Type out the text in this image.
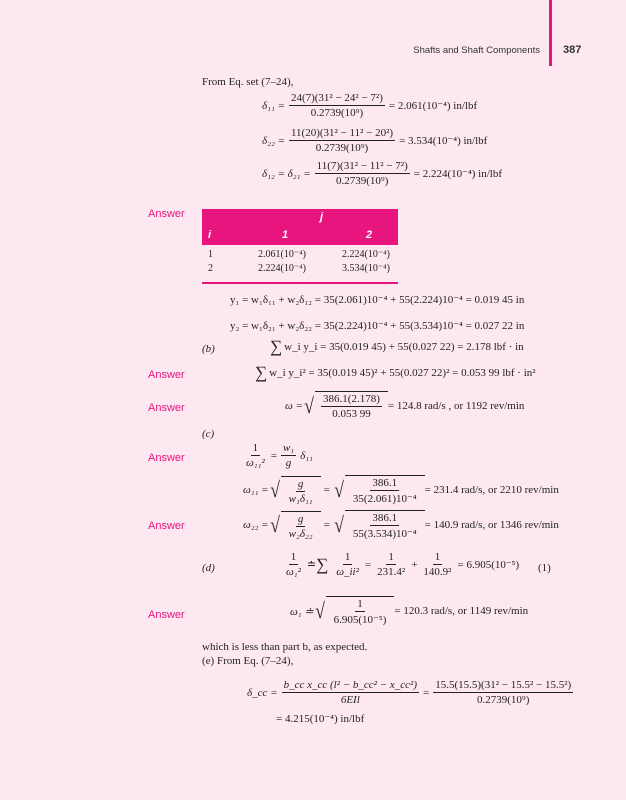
Shafts and Shaft Components 387
From Eq. set (7–24),
$\delta_{11} = \frac{\text{24(7)(31² − 24² − 7²)}}{\text{0.2739(10⁹)}} = 2.061(10^{-4})$ in/lbf
$\delta_{22} = \frac{\text{11(20)(31² − 11² − 20²)}}{\text{0.2739(10⁹)}} = 3.534(10^{-4})$ in/lbf
$\delta_{12} = \delta_{21} = \frac{\text{11(7)(31² − 11² − 7²)}}{\text{0.2739(10⁹)}} = 2.224(10^{-4})$ in/lbf
Answer	j
i	1	2
1	2.061(10⁻⁴)	2.224(10⁻⁴)
2	2.224(10⁻⁴)	3.534(10⁻⁴)
y₁ = w₁δ₁₁ + w₂δ₁₂ = 35(2.061)10⁻⁴ + 55(2.224)10⁻⁴ = 0.019 45 in
y₂ = w₁δ₂₁ + w₂δ₂₂ = 35(2.224)10⁻⁴ + 55(3.534)10⁻⁴ = 0.027 22 in
(b)	∑ w_i y_i = 35(0.019 45) + 55(0.027 22) = 2.178 lbf · in
Answer	∑ w_i y_i² = 35(0.019 45)² + 55(0.027 22)² = 0.053 99 lbf · in²
Answer	ω = √ $\frac{386.1(2.178)}{0.053 99} = 124.8$ rad/s , or 1192 rev/min
(c)
Answer	$\frac{1}{\text{ω₁₁²}} = \frac{\text{w₁}}{g} \delta_{11}$
ω₁₁ = √ $\frac{g}{\text{w₁δ₁₁}}$ = √ $\frac{386.1}{\text{35(2.061)10⁻⁴}} = 231.4$ rad/s, or 2210 rev/min
Answer	ω₂₂ = √ $\frac{g}{\text{w₂δ₂₂}}$ = √ $\frac{386.1}{\text{55(3.534)10⁻⁴}} = 140.9$ rad/s, or 1346 rev/min
(d)	$\frac{1}{\text{ω₁²}}$ ≐ ∑ $\frac{1}{\text{ω\_ii²}} = \frac{1}{\text{231.4²}} + \frac{1}{\text{140.9²}} = 6.905(10^{-5})$ (1)
Answer	ω₁ ≐ √ $\frac{1}{\text{6.905(10⁻⁵)}} = 120.3$ rad/s, or 1149 rev/min
which is less than part b, as expected.
(e) From Eq. (7–24),
δ_cc = $\frac{\text{b\_cc x\_cc (l² − b\_cc² − x\_cc²)}}{\text{6EIl}} = \frac{\text{15.5(15.5)(31² − 15.5² − 15.5²)}}{\text{0.2739(10⁹)}}$
= 4.215(10⁻⁴) in/lbf
